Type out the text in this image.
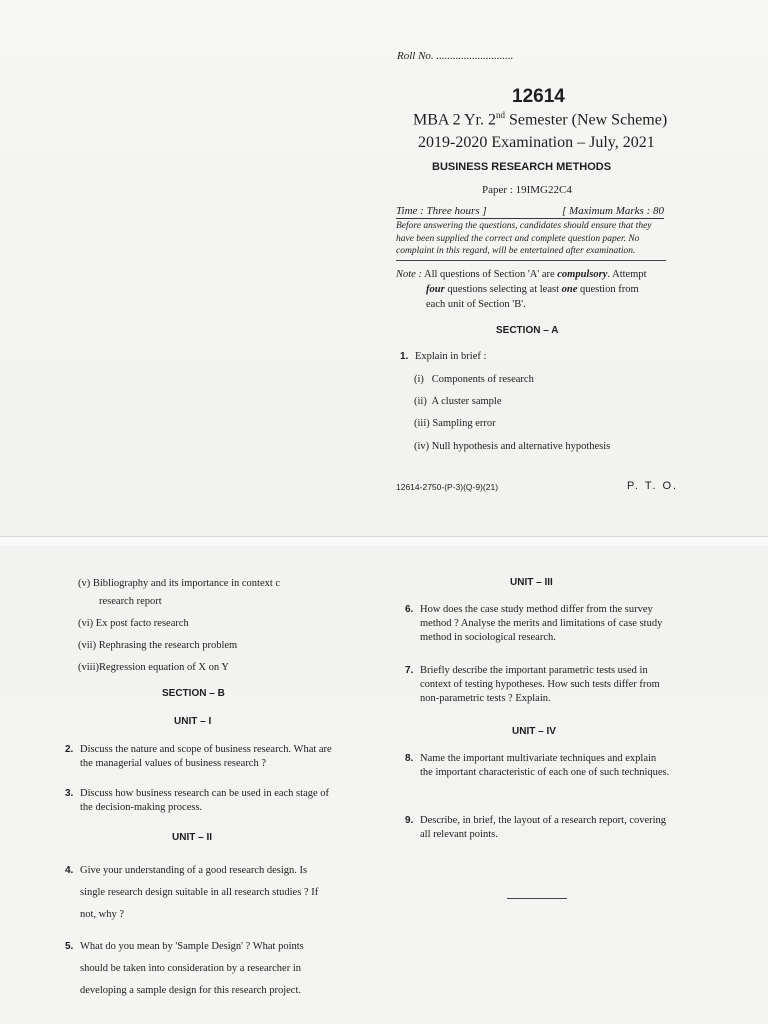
Roll No. ............................
12614
MBA 2 Yr. 2nd Semester (New Scheme)
2019-2020 Examination – July, 2021
BUSINESS RESEARCH METHODS
Paper : 19IMG22C4
Time : Three hours ]	[ Maximum Marks : 80
Before answering the questions, candidates should ensure that they have been supplied the correct and complete question paper. No complaint in this regard, will be entertained after examination.
Note : All questions of Section 'A' are compulsory. Attempt
four questions selecting at least one question from
each unit of Section 'B'.
SECTION – A
1. Explain in brief :
(i)   Components of research
(ii)  A cluster sample
(iii) Sampling error
(iv) Null hypothesis and alternative hypothesis
12614-2750-(P-3)(Q-9)(21)	P. T. O.
(v) Bibliography and its importance in context c
research report
(vi) Ex post facto research
(vii) Rephrasing the research problem
(viii)Regression equation of X on Y
SECTION – B
UNIT – I
2. Discuss the nature and scope of business research. What are the managerial values of business research ?
3. Discuss how business research can be used in each stage of the decision-making process.
UNIT – II
4. Give your understanding of a good research design. Is single research design suitable in all research studies ? If not, why ?
5. What do you mean by 'Sample Design' ? What points should be taken into consideration by a researcher in developing a sample design for this research project.
UNIT – III
6. How does the case study method differ from the survey method ? Analyse the merits and limitations of case study method in sociological research.
7. Briefly describe the important parametric tests used in context of testing hypotheses. How such tests differ from non-parametric tests ? Explain.
UNIT – IV
8. Name the important multivariate techniques and explain the important characteristic of each one of such techniques.
9. Describe, in brief, the layout of a research report, covering all relevant points.
